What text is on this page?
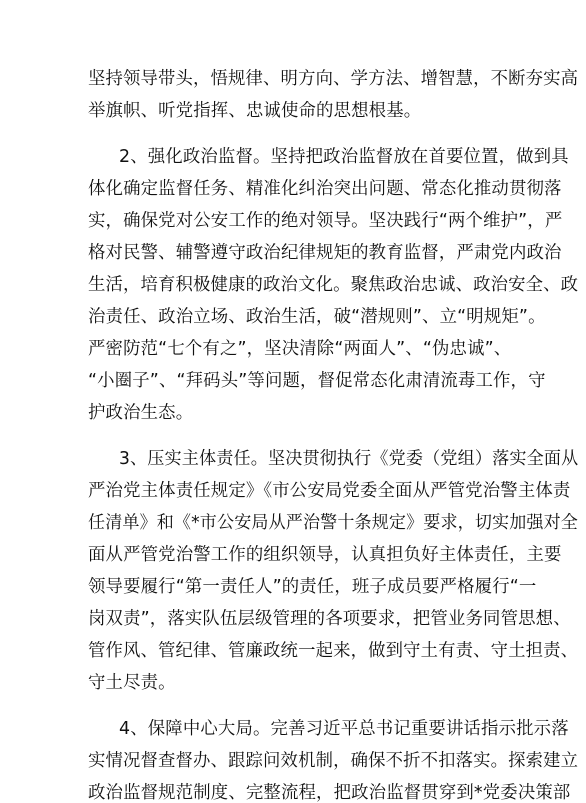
坚持领导带头，悟规律、明方向、学方法、增智慧，不断夯实高
举旗帜、听党指挥、忠诚使命的思想根基。
2、强化政治监督。坚持把政治监督放在首要位置，做到具
体化确定监督任务、精准化纠治突出问题、常态化推动贯彻落
实，确保党对公安工作的绝对领导。坚决践行“两个维护”，严
格对民警、辅警遵守政治纪律规矩的教育监督，严肃党内政治
生活，培育积极健康的政治文化。聚焦政治忠诚、政治安全、政
治责任、政治立场、政治生活，破“潜规则”、立“明规矩”。
严密防范“七个有之”，坚决清除“两面人”、“伪忠诚”、
“小圈子”、“拜码头”等问题，督促常态化肃清流毒工作，守
护政治生态。
3、压实主体责任。坚决贯彻执行《党委（党组）落实全面从
严治党主体责任规定》《市公安局党委全面从严管党治警主体责
任清单》和《*市公安局从严治警十条规定》要求，切实加强对全
面从严管党治警工作的组织领导，认真担负好主体责任，主要
领导要履行“第一责任人”的责任，班子成员要严格履行“一
岗双责”，落实队伍层级管理的各项要求，把管业务同管思想、
管作风、管纪律、管廉政统一起来，做到守土有责、守土担责、
守土尽责。
4、保障中心大局。完善习近平总书记重要讲话指示批示落
实情况督查督办、跟踪问效机制，确保不折不扣落实。探索建立
政治监督规范制度、完整流程，把政治监督贯穿到*党委决策部
